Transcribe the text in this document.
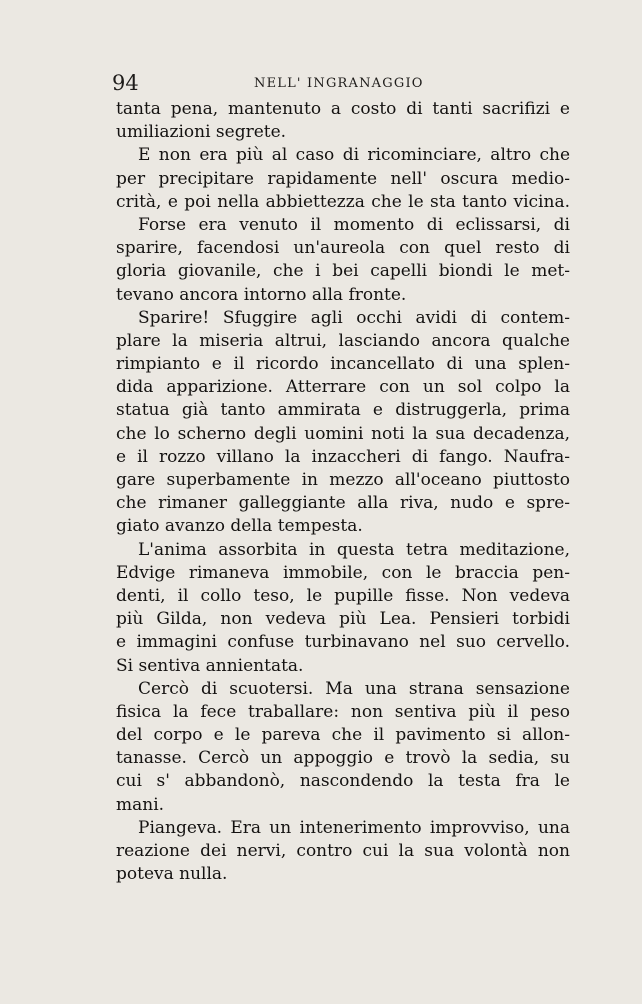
94	NELL' INGRANAGGIO
tanta pena, mantenuto a costo di tanti sacrifizi e
umiliazioni segrete.
E non era più al caso di ricominciare, altro che
per precipitare rapidamente nell' oscura medio-
crità, e poi nella abbiettezza che le sta tanto vicina.
Forse era venuto il momento di eclissarsi, di
sparire, facendosi un'aureola con quel resto di
gloria giovanile, che i bei capelli biondi le met-
tevano ancora intorno alla fronte.
Sparire! Sfuggire agli occhi avidi di contem-
plare la miseria altrui, lasciando ancora qualche
rimpianto e il ricordo incancellato di una splen-
dida apparizione. Atterrare con un sol colpo la
statua già tanto ammirata e distruggerla, prima
che lo scherno degli uomini noti la sua decadenza,
e il rozzo villano la inzaccheri di fango. Naufra-
gare superbamente in mezzo all'oceano piuttosto
che rimaner galleggiante alla riva, nudo e spre-
giato avanzo della tempesta.
L'anima assorbita in questa tetra meditazione,
Edvige rimaneva immobile, con le braccia pen-
denti, il collo teso, le pupille fisse. Non vedeva
più Gilda, non vedeva più Lea. Pensieri torbidi
e immagini confuse turbinavano nel suo cervello.
Si sentiva annientata.
Cercò di scuotersi. Ma una strana sensazione
fisica la fece traballare: non sentiva più il peso
del corpo e le pareva che il pavimento si allon-
tanasse. Cercò un appoggio e trovò la sedia, su
cui s' abbandonò, nascondendo la testa fra le
mani.
Piangeva. Era un intenerimento improvviso, una
reazione dei nervi, contro cui la sua volontà non
poteva nulla.
